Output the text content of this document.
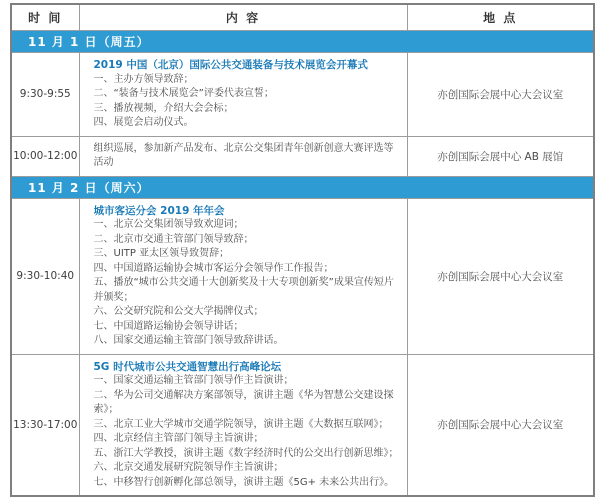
时 间	内 容	地 点
11 月 1 日（周五）		
9:30-9:55	2019 中国（北京）国际公共交通装备与技术展览会开幕式
一、主办方领导致辞；
二、“装备与技术展览会”评委代表宣誓；
三、播放视频，介绍大会会标；
四、展览会启动仪式。	亦创国际会展中心大会议室
10:00-12:00	组织巡展，参加新产品发布、北京公交集团青年创新创意大赛评选等活动	亦创国际会展中心 AB 展馆
11 月 2 日（周六）		
9:30-10:40	
城市客运分会 2019 年年会
一、北京公交集团领导致欢迎词；
二、北京市交通主管部门领导致辞；
三、UITP 亚太区领导致贺辞；
四、中国道路运输协会城市客运分会领导作工作报告；
五、播放“城市公共交通十大创新奖及十大专项创新奖”成果宣传短片并颁奖；
六、公交研究院和公交大学揭牌仪式；
七、中国道路运输协会领导讲话；
八、国家交通运输主管部门领导致辞讲话。
	亦创国际会展中心大会议室
13:30-17:00	
5G 时代城市公共交通智慧出行高峰论坛
一、国家交通运输主管部门领导作主旨演讲；
二、华为公司交通解决方案部领导，演讲主题《华为智慧公交建设探索》；
三、北京工业大学城市交通学院领导，演讲主题《大数据互联网》；
四、北京经信主管部门领导主旨演讲；
五、浙江大学教授，演讲主题《数字经济时代的公交出行创新思维》；
六、北京交通发展研究院领导作主旨演讲；
七、中移智行创新孵化部总领导，演讲主题《5G+ 未来公共出行》。
	亦创国际会展中心大会议室
